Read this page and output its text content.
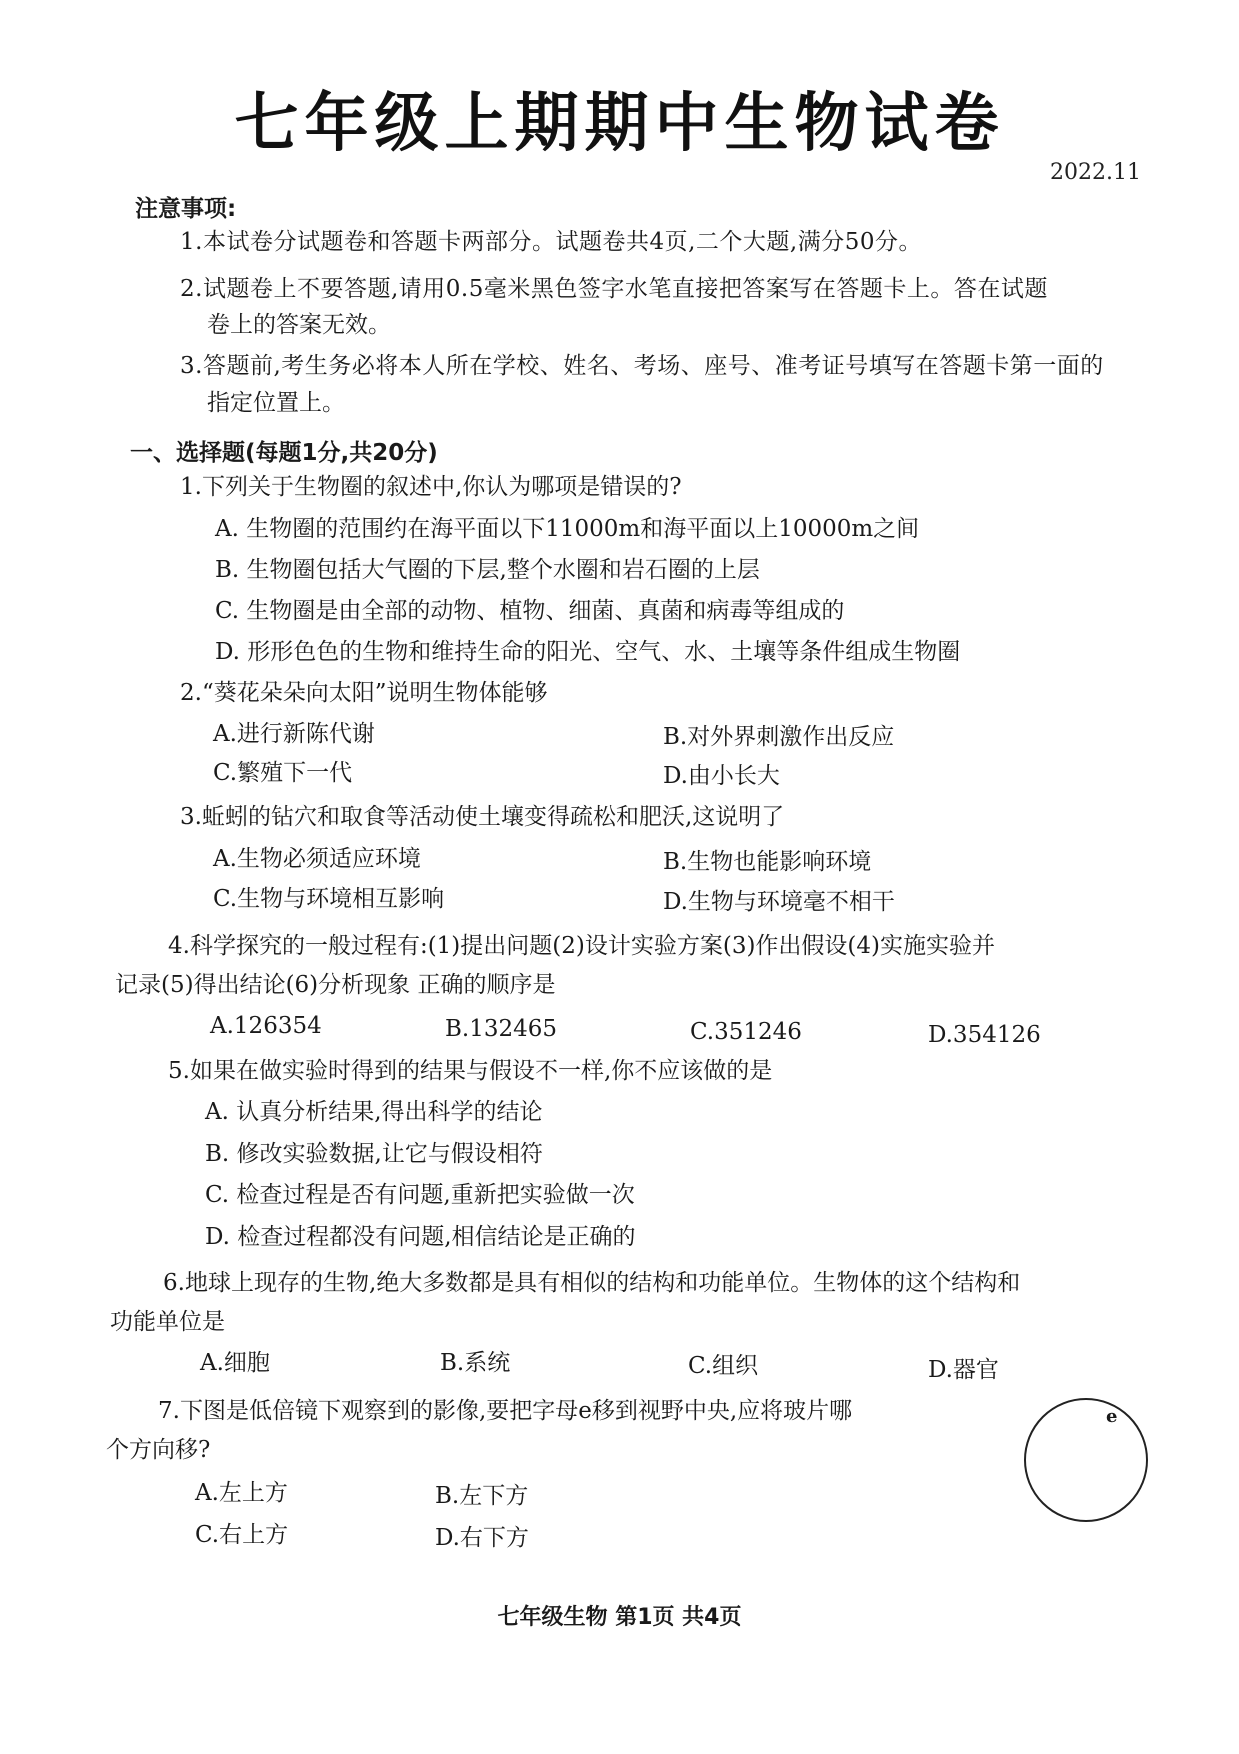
七年级上期期中生物试卷
2022.11
注意事项:
1.本试卷分试题卷和答题卡两部分。试题卷共4页,二个大题,满分50分。
2.试题卷上不要答题,请用0.5毫米黑色签字水笔直接把答案写在答题卡上。答在试题
卷上的答案无效。
3.答题前,考生务必将本人所在学校、姓名、考场、座号、准考证号填写在答题卡第一面的
指定位置上。
一、选择题(每题1分,共20分)
1.下列关于生物圈的叙述中,你认为哪项是错误的?
A. 生物圈的范围约在海平面以下11000m和海平面以上10000m之间
B. 生物圈包括大气圈的下层,整个水圈和岩石圈的上层
C. 生物圈是由全部的动物、植物、细菌、真菌和病毒等组成的
D. 形形色色的生物和维持生命的阳光、空气、水、土壤等条件组成生物圈
2.“葵花朵朵向太阳”说明生物体能够
A.进行新陈代谢	B.对外界刺激作出反应
C.繁殖下一代	D.由小长大
3.蚯蚓的钻穴和取食等活动使土壤变得疏松和肥沃,这说明了
A.生物必须适应环境	B.生物也能影响环境
C.生物与环境相互影响	D.生物与环境毫不相干
4.科学探究的一般过程有:(1)提出问题(2)设计实验方案(3)作出假设(4)实施实验并
记录(5)得出结论(6)分析现象 正确的顺序是
A.126354	B.132465	C.351246	D.354126
5.如果在做实验时得到的结果与假设不一样,你不应该做的是
A. 认真分析结果,得出科学的结论
B. 修改实验数据,让它与假设相符
C. 检查过程是否有问题,重新把实验做一次
D. 检查过程都没有问题,相信结论是正确的
6.地球上现存的生物,绝大多数都是具有相似的结构和功能单位。生物体的这个结构和
功能单位是
A.细胞	B.系统	C.组织	D.器官
7.下图是低倍镜下观察到的影像,要把字母e移到视野中央,应将玻片哪
个方向移?
A.左上方	B.左下方
C.右上方	D.右下方
e
七年级生物 第1页 共4页
